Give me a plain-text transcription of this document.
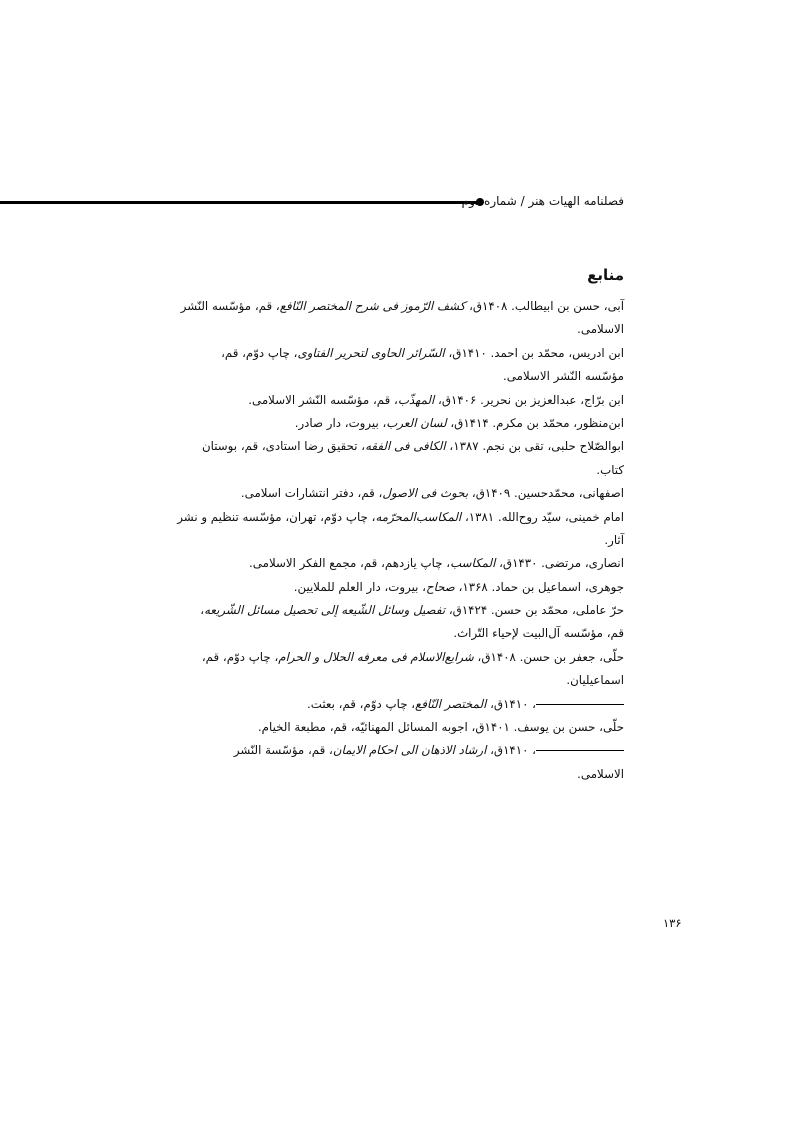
فصلنامه الهیات هنر / شماره دوم
منابع
آبی، حسن بن ابیطالب. ۱۴۰۸ق، کشف الرّموز فی شرح المختصر النّافع، قم، مؤسّسه النّشر
الاسلامی.
ابن ادریس، محمّد بن احمد. ۱۴۱۰ق، السّرائر الحاوی لتحریر الفتاوی، چاپ دوّم، قم،
مؤسّسه النّشر الاسلامی.
ابن برّاج، عبدالعزیز بن نحریر. ۱۴۰۶ق، المهذّب، قم، مؤسّسه النّشر الاسلامی.
ابن‌منظور، محمّد بن مکرم. ۱۴۱۴ق، لسان العرب، بیروت، دار صادر.
ابوالصّلاح حلبی، تقی بن نجم. ۱۳۸۷، الکافی فی الفقه، تحقیق رضا استادی، قم، بوستان
کتاب.
اصفهانی، محمّدحسین. ۱۴۰۹ق، بحوث فی الاصول، قم، دفتر انتشارات اسلامی.
امام خمینی، سیّد روح‌الله. ۱۳۸۱، المکاسب‌المحرّمه، چاپ دوّم، تهران، مؤسّسه تنظیم و نشر
آثار.
انصاری، مرتضی. ۱۴۳۰ق، المکاسب، چاپ یازدهم، قم، مجمع الفکر الاسلامی.
جوهری، اسماعیل بن حماد. ۱۳۶۸، صحاح، بیروت، دار العلم للملایین.
حرّ عاملی، محمّد بن حسن. ۱۴۲۴ق، تفصیل وسائل الشّیعه إلی تحصیل مسائل الشّریعه،
قم، مؤسّسه آل‌البیت لإحیاء التّراث.
حلّی، جعفر بن حسن. ۱۴۰۸ق، شرایع‌الاسلام فی معرفه الحلال و الحرام، چاپ دوّم، قم،
اسماعیلیان.
، ۱۴۱۰ق، المختصر النّافع، چاپ دوّم، قم، بعثت.
حلّی، حسن بن یوسف. ۱۴۰۱ق، اجوبه المسائل المهنائیّه، قم، مطبعة الخیام.
، ۱۴۱۰ق، ارشاد الاذهان الی احکام الایمان، قم، مؤسّسة النّشر
الاسلامی.
۱۳۶
